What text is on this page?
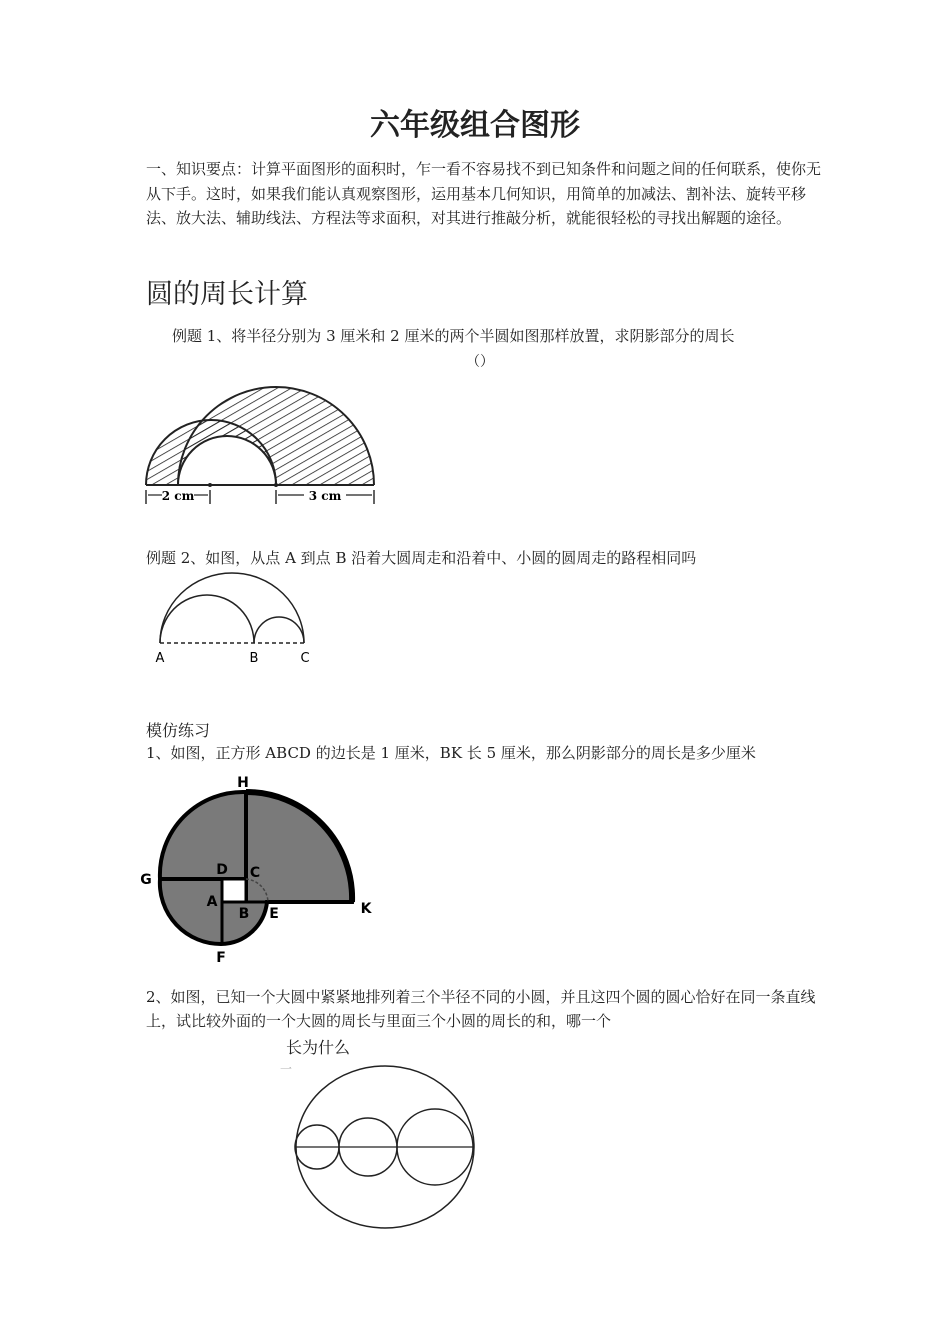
六年级组合图形
一、知识要点：计算平面图形的面积时，乍一看不容易找不到已知条件和问题之间的任何联系，使你无从下手。这时，如果我们能认真观察图形，运用基本几何知识，用简单的加减法、割补法、旋转平移法、放大法、辅助线法、方程法等求面积，对其进行推敲分析，就能很轻松的寻找出解题的途径。
圆的周长计算
例题 1、将半径分别为 3 厘米和 2 厘米的两个半圆如图那样放置，求阴影部分的周长
（）
2 cm	3 cm
例题 2、如图，从点 A 到点 B 沿着大圆周走和沿着中、小圆的圆周走的路程相同吗
A	B	C
模仿练习
1、如图，正方形 ABCD 的边长是 1 厘米，BK 长 5 厘米，那么阴影部分的周长是多少厘米
H
D C
G
A
B E	K
F
2、如图，已知一个大圆中紧紧地排列着三个半径不同的小圆，并且这四个圆的圆心恰好在同一条直线上，试比较外面的一个大圆的周长与里面三个小圆的周长的和，哪一个
长为什么
一
